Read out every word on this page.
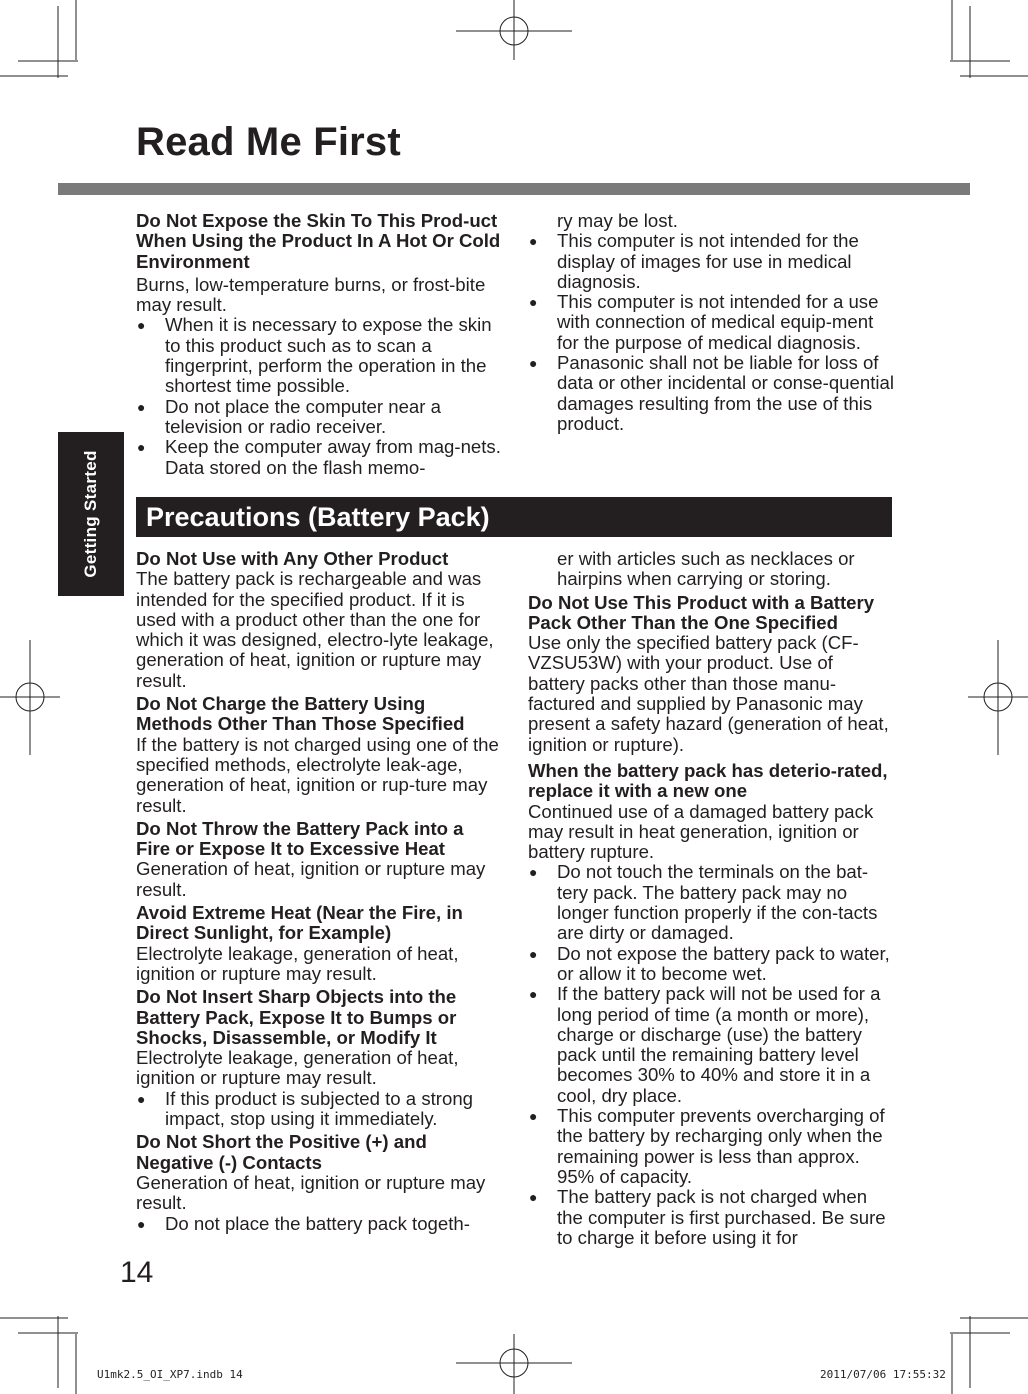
Read Me First
Getting Started

Do Not Expose the Skin To This Prod-uct When Using the Product In A Hot Or Cold Environment

Burns, low-temperature burns, or frost-bite may result.

● When it is necessary to expose the skin to this product such as to scan a fingerprint, perform the operation in the shortest time possible.
● Do not place the computer near a television or radio receiver.
● Keep the computer away from mag-nets. Data stored on the flash memo-

ry may be lost.

● This computer is not intended for the display of images for use in medical diagnosis.
● This computer is not intended for a use with connection of medical equip-ment for the purpose of medical diagnosis.
● Panasonic shall not be liable for loss of data or other incidental or conse-quential damages resulting from the use of this product.
Precautions (Battery Pack)

Do Not Use with Any Other Product

The battery pack is rechargeable and was intended for the specified product. If it is used with a product other than the one for which it was designed, electro-lyte leakage, generation of heat, ignition or rupture may result.

Do Not Charge the Battery Using Methods Other Than Those Specified

If the battery is not charged using one of the specified methods, electrolyte leak-age, generation of heat, ignition or rup-ture may result.

Do Not Throw the Battery Pack into a Fire or Expose It to Excessive Heat

Generation of heat, ignition or rupture may result.

Avoid Extreme Heat (Near the Fire, in Direct Sunlight, for Example)

Electrolyte leakage, generation of heat, ignition or rupture may result.

Do Not Insert Sharp Objects into the Battery Pack, Expose It to Bumps or Shocks, Disassemble, or Modify It

Electrolyte leakage, generation of heat, ignition or rupture may result.

● If this product is subjected to a strong impact, stop using it immediately.

Do Not Short the Positive (+) and Negative (-) Contacts

Generation of heat, ignition or rupture may result.

● Do not place the battery pack togeth-

er with articles such as necklaces or hairpins when carrying or storing.

Do Not Use This Product with a Battery Pack Other Than the One Specified

Use only the specified battery pack (CF-VZSU53W) with your product. Use of battery packs other than those manu-factured and supplied by Panasonic may present a safety hazard (generation of heat, ignition or rupture).

When the battery pack has deterio-rated, replace it with a new one

Continued use of a damaged battery pack may result in heat generation, ignition or battery rupture.

● Do not touch the terminals on the bat-tery pack. The battery pack may no longer function properly if the con-tacts are dirty or damaged.
● Do not expose the battery pack to water, or allow it to become wet.
● If the battery pack will not be used for a long period of time (a month or more), charge or discharge (use) the battery pack until the remaining battery level becomes 30% to 40% and store it in a cool, dry place.
● This computer prevents overcharging of the battery by recharging only when the remaining power is less than approx. 95% of capacity.
● The battery pack is not charged when the computer is first purchased. Be sure to charge it before using it for
14
U1mk2.5_OI_XP7.indb 14	2011/07/06 17:55:32
